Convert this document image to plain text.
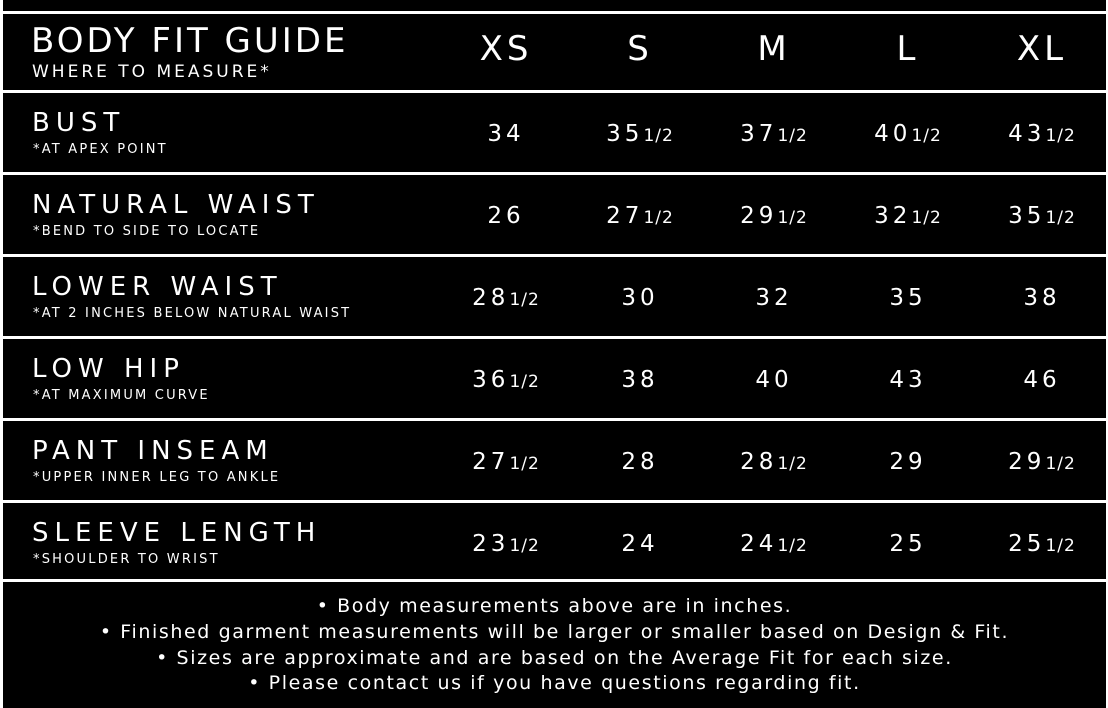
BODY FIT GUIDE
WHERE TO MEASURE*
XS	S	M	L	XL
BUST
*AT APEX POINT
34	351/2	371/2	401/2	431/2
NATURAL WAIST
*BEND TO SIDE TO LOCATE
26	271/2	291/2	321/2	351/2
LOWER WAIST
*AT 2 INCHES BELOW NATURAL WAIST
281/2	30	32	35	38
LOW HIP
*AT MAXIMUM CURVE
361/2	38	40	43	46
PANT INSEAM
*UPPER INNER LEG TO ANKLE
271/2	28	281/2	29	291/2
SLEEVE LENGTH
*SHOULDER TO WRIST
231/2	24	241/2	25	251/2
• Body measurements above are in inches.
• Finished garment measurements will be larger or smaller based on Design & Fit.
• Sizes are approximate and are based on the Average Fit for each size.
• Please contact us if you have questions regarding fit.
